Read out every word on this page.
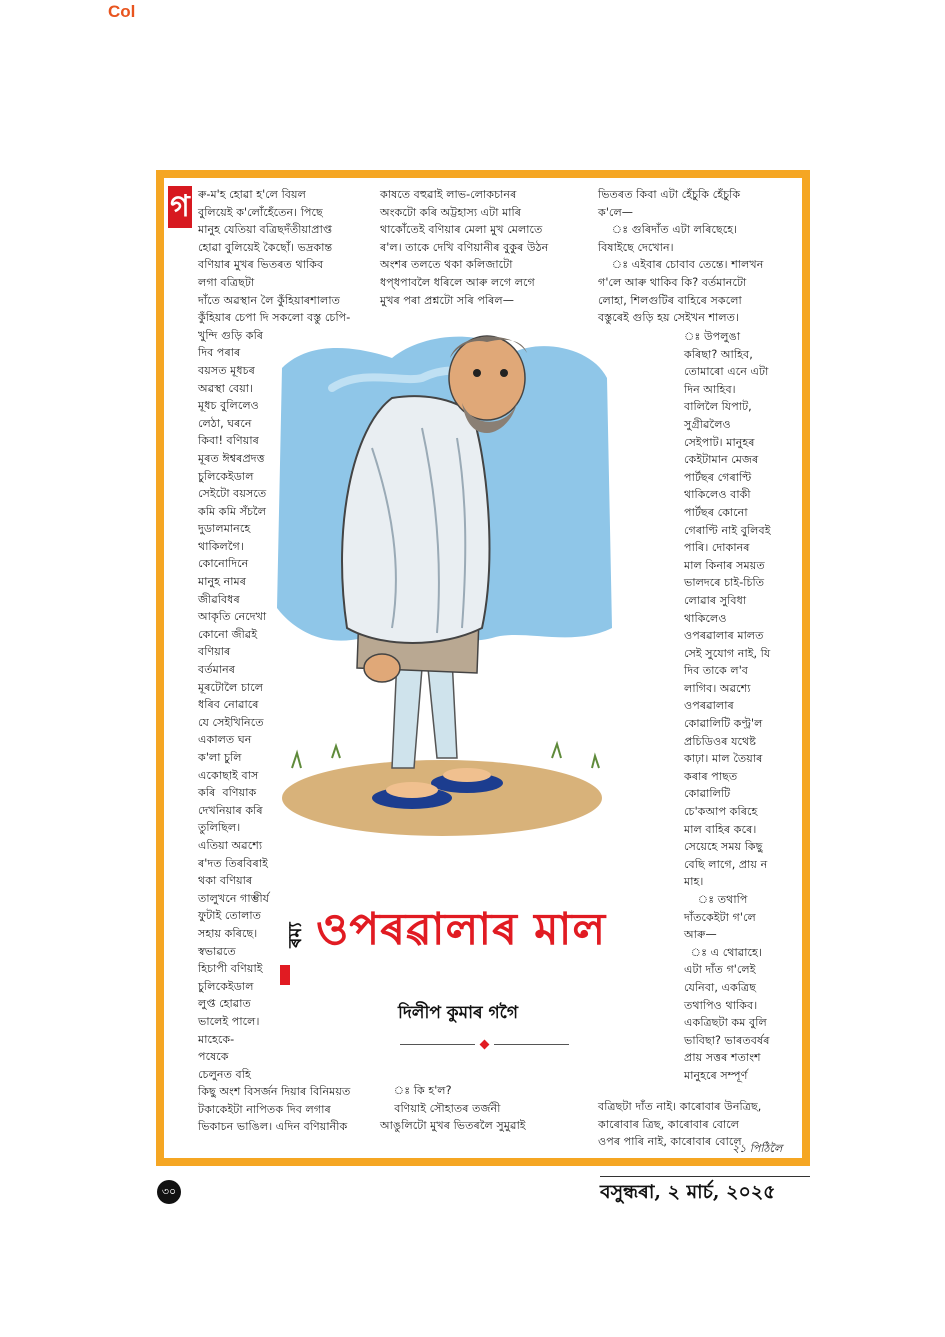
Col
গ ৰু-ম'হ হোৱা হ'লে বিয়ল
বুলিয়েই ক'লোঁহেঁতেন। পিছে
মানুহ যেতিয়া বত্ৰিছদঁতীয়াপ্ৰাপ্ত
হোৱা বুলিয়েই কৈছোঁ। ভদ্ৰকান্ত
বণিয়াৰ মুখৰ ভিতৰত থাকিব
লগা বত্ৰিছটা
দাঁতে অৱস্থান লৈ কুঁহিয়াৰশালাত
কুঁহিয়াৰ চেপা দি সকলো বস্তু চেপি-
খুন্দি গুড়ি কৰি
দিব পৰাৰ
বয়সত মূধচৰ
অৱস্থা বেয়া।
মূধচ বুলিলেও
লেঠা, ঘৰনে
কিবা! বণিয়াৰ
মূৰত ঈশ্বৰপ্ৰদত্ত
চুলিকেইডাল
সেইটো বয়সতে
কমি কমি সঁচলৈ
দুডালমানহে
থাকিলগৈ।
কোনোদিনে
মানুহ নামৰ
জীৱবিধৰ
আকৃতি নেদেখা
কোনো জীৱই
বণিয়াৰ
বৰ্তমানৰ
মূৰটোলৈ চালে
ধৰিব নোৱাৰে
যে সেইখিনিতে
একালত ঘন
ক'লা চুলি
একোছাই বাস
কৰি  বণিয়াক
দেখনিয়াৰ কৰি
তুলিছিল।
এতিয়া অৱশ্যে
ৰ'দত তিৰবিৰাই
থকা বণিয়াৰ
তালুখনে গাম্ভীৰ্য
ফুটাই তোলাত
সহায় কৰিছে।
স্বভাৱতে
হিচাপী বণিয়াই
চুলিকেইডাল
লুপ্ত হোৱাত
ভালেই পালে।
মাহেকে-
পষেকে
চেলুনত বহি
কিছু অংশ বিসৰ্জন দিয়াৰ বিনিময়ত
টকাকেইটা নাপিতক দিব লগাৰ
ভিকাচন ভাঙিল। এদিন বণিয়ানীক
কাষতে বহুৱাই লাভ-লোকচানৰ
অংকটো কৰি অট্টহাস্য এটা মাৰি
থাকোঁতেই বণিয়াৰ মেলা মুখ মেলাতে
ৰ'ল। তাকে দেখি বণিয়ানীৰ বুকুৰ উঠন
অংশৰ তলতে থকা কলিজাটো
ধপ্‌ধপাবলৈ ধৰিলে আৰু লগে লগে
মুখৰ পৰা প্ৰশ্নটো সৰি পৰিল—
ভিতৰত কিবা এটা হেঁচুকি হেঁচুকি
ক'লে—
ঃ গুৰিদাঁত এটা লৰিছেহে।
বিষাইছে দেখোন।
ঃ এইবাৰ চোবাব তেন্তে। শালখন
গ'লে আৰু থাকিব কি? বৰ্তমানটো
লোহা, শিলগুটিৰ বাহিৰে সকলো
বস্তুৰেই গুড়ি হয় সেইখন শালত।
ঃ উপলুঙা
কৰিছা? আহিব,
তোমাৰো এনে এটা
দিন আহিব।
বালিলৈ যিপাট,
সুগ্ৰীৱলৈও
সেইপাট। মানুহৰ
কেইটামান মেজৰ
পাৰ্টছৰ গেৰাণ্টি
থাকিলেও বাকী
পাৰ্টছৰ কোনো
গেৰাণ্টি নাই বুলিবই
পাৰি। দোকানৰ
মাল কিনাৰ সময়ত
ভালদৰে চাই-চিতি
লোৱাৰ সুবিধা
থাকিলেও
ওপৰৱালাৰ মালত
সেই সুযোগ নাই, যি
দিব তাকে ল'ব
লাগিব। অৱশ্যে
ওপৰৱালাৰ
কোৱালিটি কণ্ট্ৰ'ল
প্ৰচিডিওৰ যথেষ্ট
কাঢ়া। মাল তৈয়াৰ
কৰাৰ পাছত
কোৱালিটি
চে'কআপ কৰিহে
মাল বাহিৰ কৰে।
সেয়েহে সময় কিছু
বেছি লাগে, প্ৰায় ন
মাহ।
ঃ তথাপি
দাঁতকেইটা গ'লে
আৰু—
ঃ এ থোৱাহে।
এটা দাঁত গ'লেই
যেনিবা, একত্ৰিছ
তথাপিও থাকিব।
একত্ৰিছটা কম বুলি
ভাবিছা? ভাৰতবৰ্ষৰ
প্ৰায় সত্তৰ শতাংশ
মানুহৰে সম্পূৰ্ণ
ঃ কি হ'ল?
বণিয়াই সৌহাতৰ তৰ্জনী
আঙুলিটো মুখৰ ভিতৰলৈ সুমুৱাই
বত্ৰিছটা দাঁত নাই। কাৰোবাৰ উনত্ৰিছ,
কাৰোবাৰ ত্ৰিছ, কাৰোবাৰ বোলে
ওপৰ পাৰি নাই, কাৰোবাৰ বোলে
২১ পিঠিলৈ
ৰম্য ওপৰৱালাৰ মাল
দিলীপ কুমাৰ গগৈ
৩০	বসুন্ধৰা, ২ মাৰ্চ, ২০২৫
